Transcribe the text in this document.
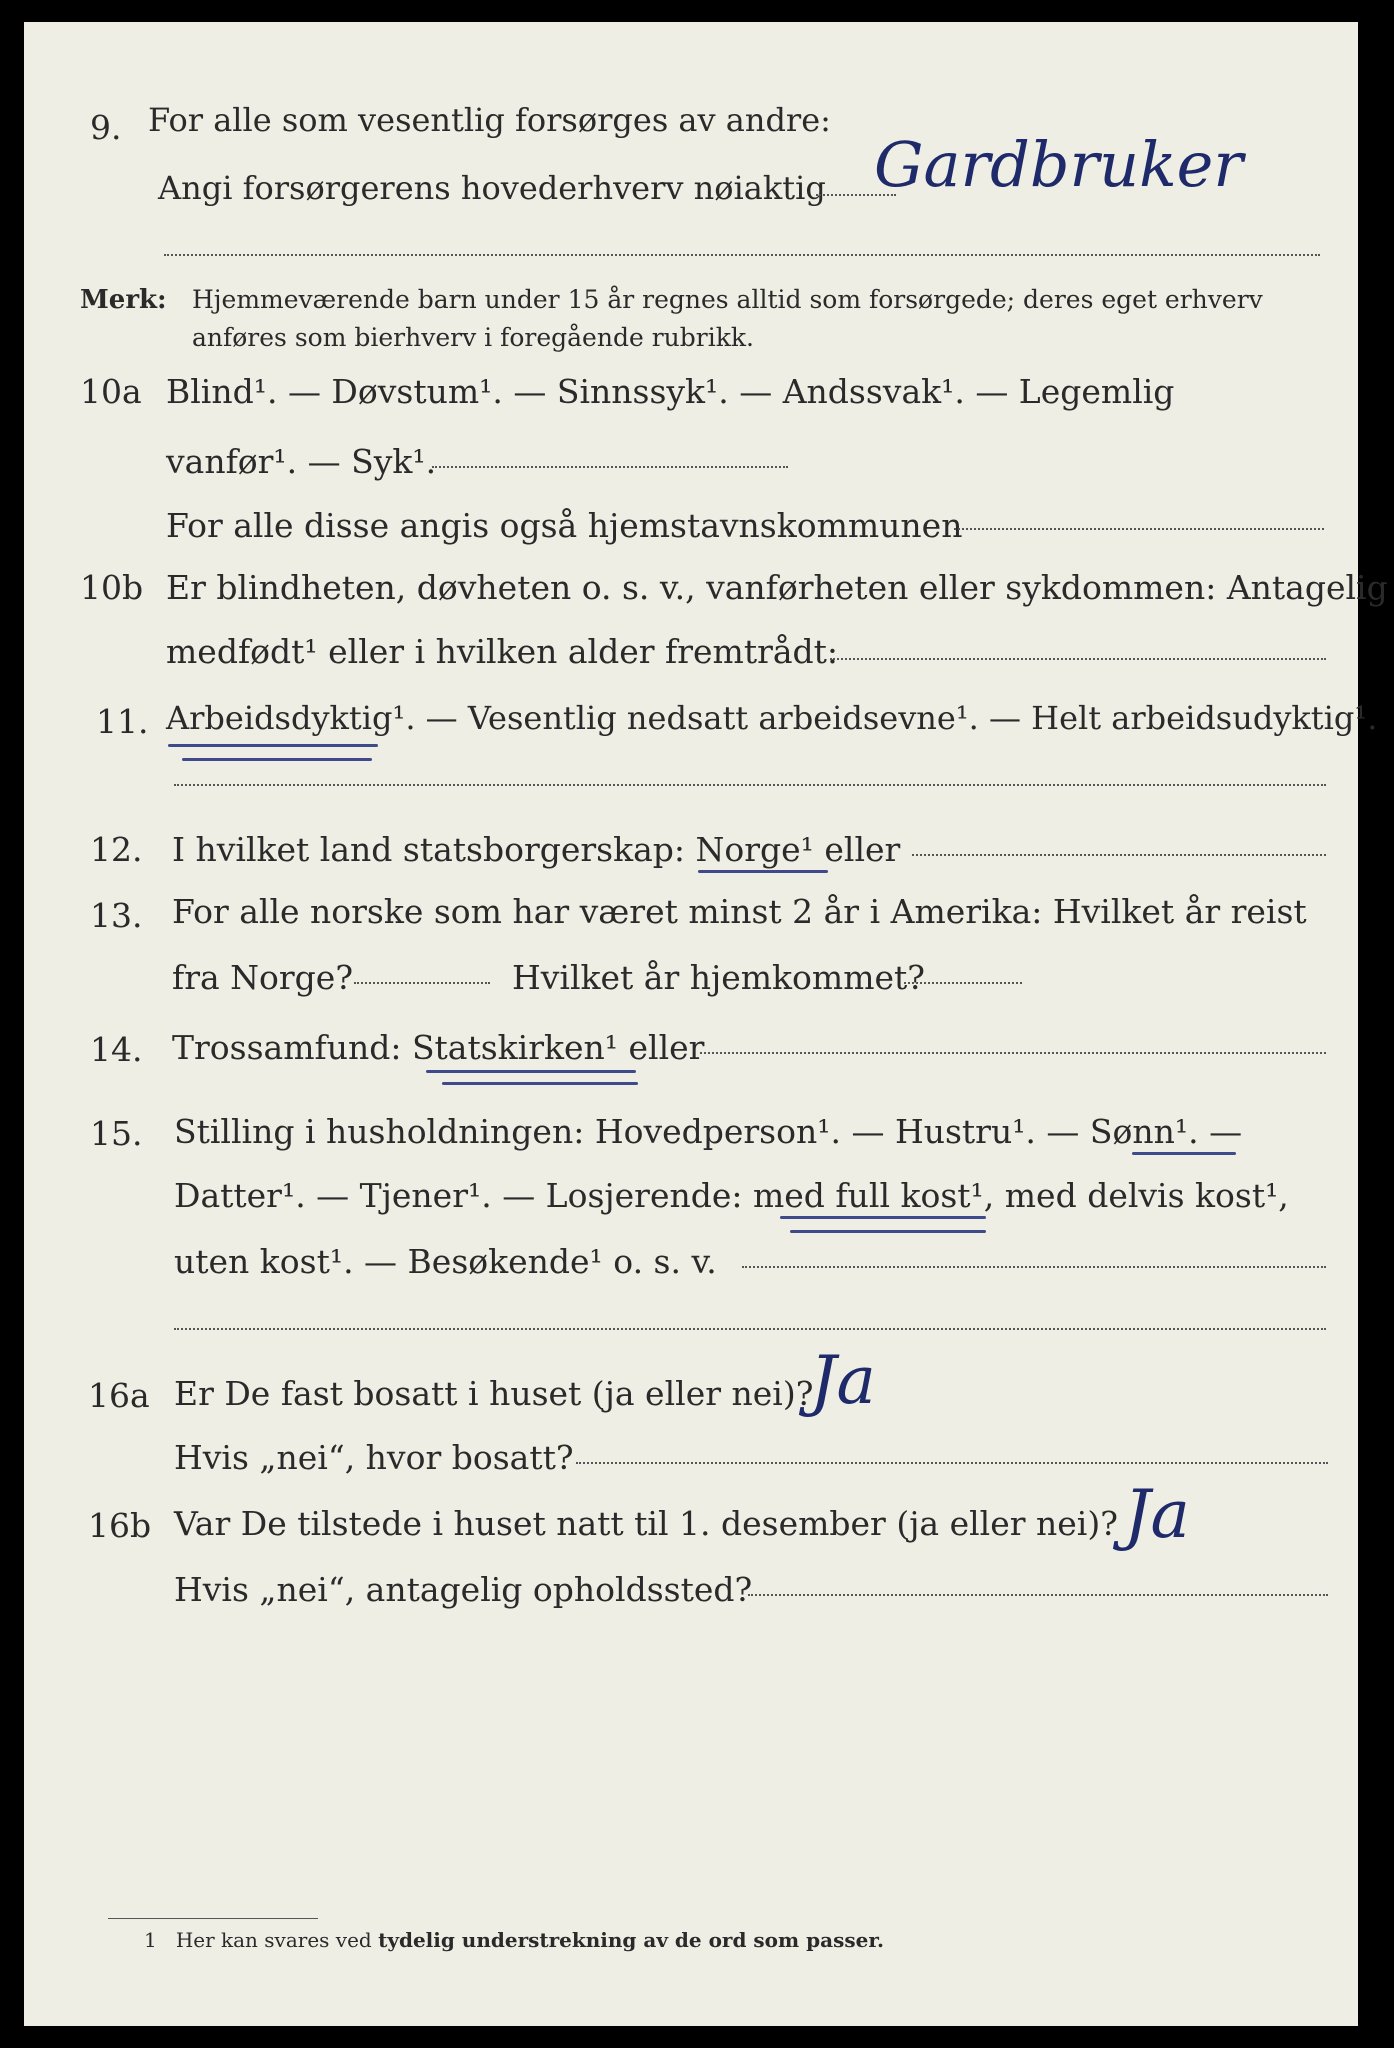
9. For alle som vesentlig forsørges av andre:
Angi forsørgerens hovederhverv nøiaktig Gardbruker
Merk: Hjemmeværende barn under 15 år regnes alltid som forsørgede; deres eget erhverv
anføres som bierhverv i foregående rubrikk.
10a Blind¹. — Døvstum¹. — Sinnssyk¹. — Andssvak¹. — Legemlig
vanfør¹. — Syk¹.
For alle disse angis også hjemstavnskommunen
10b Er blindheten, døvheten o. s. v., vanførheten eller sykdommen: Antagelig
medfødt¹ eller i hvilken alder fremtrådt:
11. Arbeidsdyktig¹. — Vesentlig nedsatt arbeidsevne¹. — Helt arbeidsudyktig¹.
12. I hvilket land statsborgerskap: Norge¹ eller
13. For alle norske som har været minst 2 år i Amerika: Hvilket år reist
fra Norge?	Hvilket år hjemkommet?
14. Trossamfund: Statskirken¹ eller
15. Stilling i husholdningen: Hovedperson¹. — Hustru¹. — Sønn¹. —
Datter¹. — Tjener¹. — Losjerende: med full kost¹, med delvis kost¹,
uten kost¹. — Besøkende¹ o. s. v.
16a Er De fast bosatt i huset (ja eller nei)?
Ja
Hvis „nei“, hvor bosatt?
16b Var De tilstede i huset natt til 1. desember (ja eller nei)? Ja
Hvis „nei“, antagelig opholdssted?
1 Her kan svares ved tydelig understrekning av de ord som passer.
